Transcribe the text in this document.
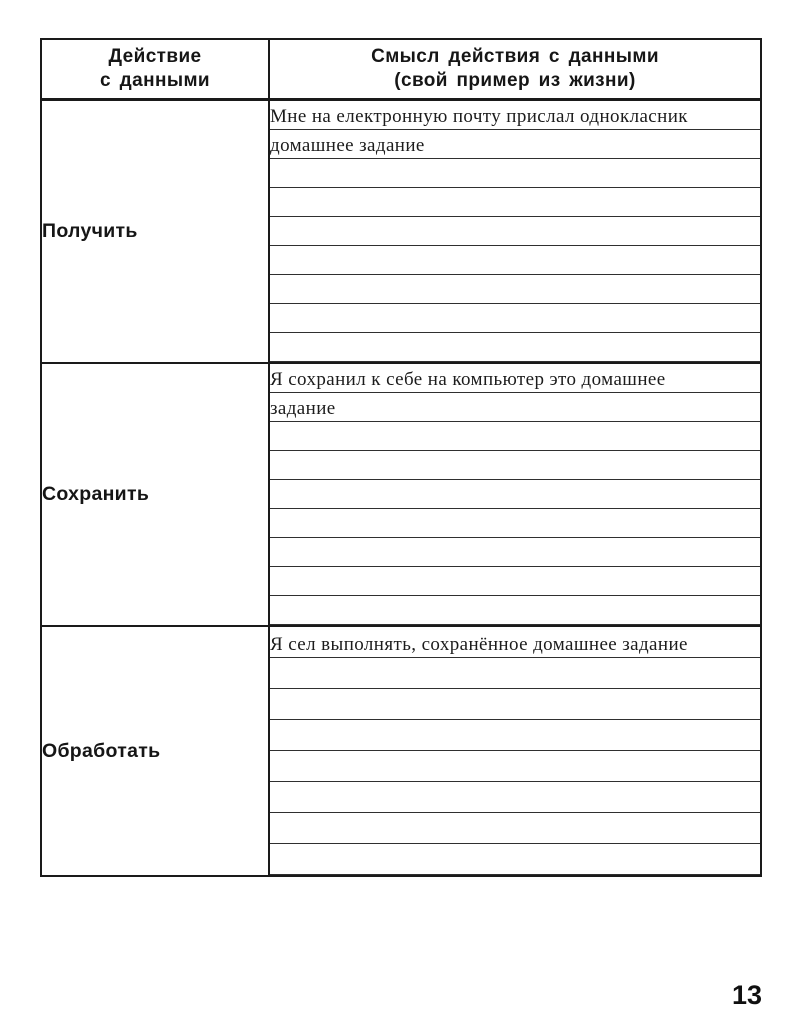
Действие
с данными	Смысл действия с данными
(свой пример из жизни)
Получить	Мне на електронную почту прислал однокласник
домашнее задание

Сохранить	Я сохранил к себе на компьютер это домашнее
задание

Обработать	Я сел выполнять, сохранённое домашнее задание
13
